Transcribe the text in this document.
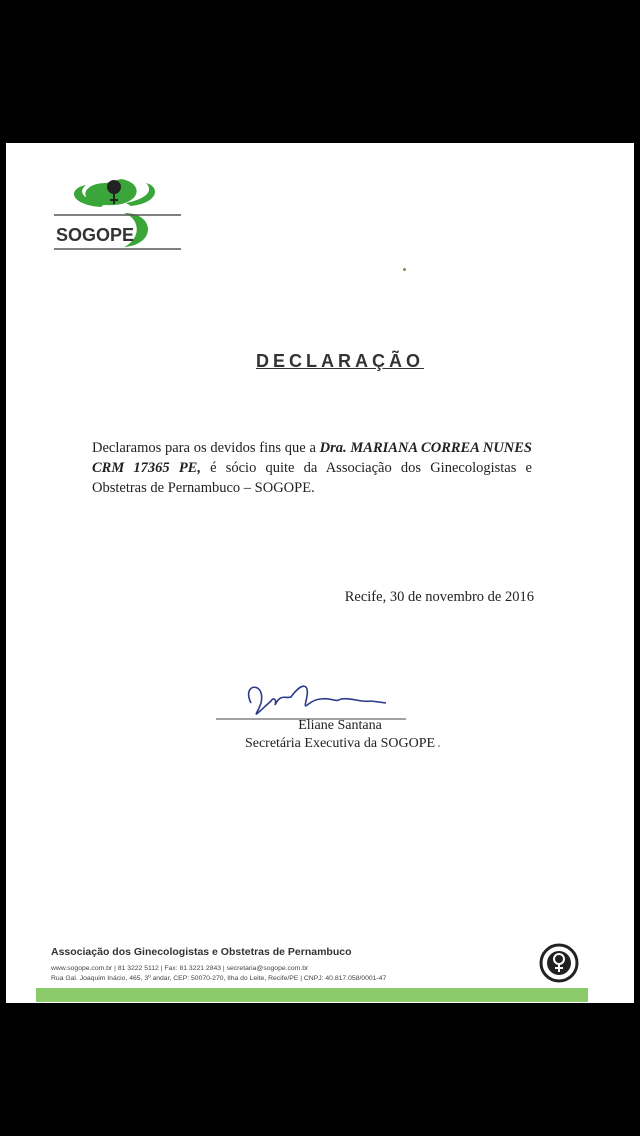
SOGOPE
DECLARAÇÃO
Declaramos para os devidos fins que a Dra. MARIANA CORREA NUNES CRM 17365 PE, é sócio quite da Associação dos Ginecologistas e Obstetras de Pernambuco – SOGOPE.
Recife, 30 de novembro de 2016
Eliane Santana
Secretária Executiva da SOGOPE
Associação dos Ginecologistas e Obstetras de Pernambuco
www.sogope.com.br | 81 3222 5112 | Fax: 81 3221 2843 | secretaria@sogope.com.br
Rua Gal. Joaquim Inácio, 465, 3º andar, CEP: 50070-270, Ilha do Leite, Recife/PE | CNPJ: 40.817.058/0001-47
